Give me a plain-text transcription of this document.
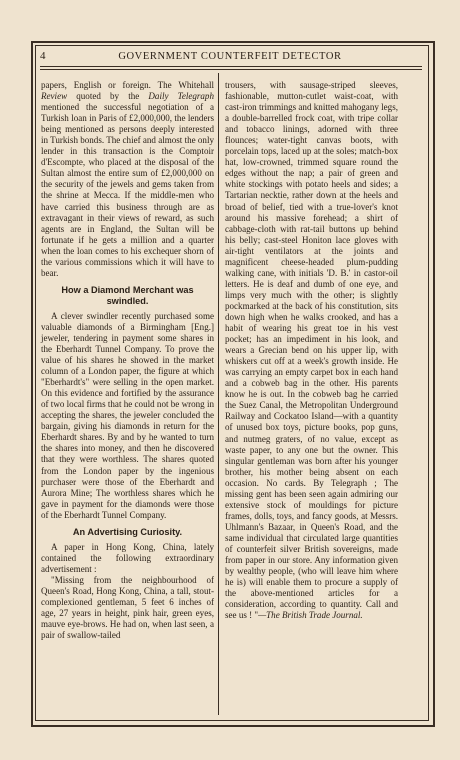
4	GOVERNMENT COUNTERFEIT DETECTOR

papers, English or foreign. The Whitehall Review quoted by the Daily Telegraph mentioned the successful negotiation of a Turkish loan in Paris of £2,000,000, the lenders being mentioned as persons deeply interested in Turkish bonds. The chief and almost the only lender in this transaction is the Comptoir d'Escompte, who placed at the disposal of the Sultan almost the entire sum of £2,000,000 on the security of the jewels and gems taken from the shrine at Mecca. If the middle-men who have carried this business through are as extravagant in their views of reward, as such agents are in England, the Sultan will be fortunate if he gets a million and a quarter when the loan comes to his exchequer shorn of the various commissions which it will have to bear.

How a Diamond Merchant was swindled.

A clever swindler recently purchased some valuable diamonds of a Birmingham [Eng.] jeweler, tendering in payment some shares in the Eberhardt Tunnel Company. To prove the value of his shares he showed in the market column of a London paper, the figure at which "Eberhardt's" were selling in the open market. On this evidence and fortified by the assurance of two local firms that he could not be wrong in accepting the shares, the jeweler concluded the bargain, giving his diamonds in return for the Eberhardt shares. By and by he wanted to turn the shares into money, and then he discovered that they were worthless. The shares quoted from the London paper by the ingenious purchaser were those of the Eberhardt and Aurora Mine; The worthless shares which he gave in payment for the diamonds were those of the Eberhardt Tunnel Company.

An Advertising Curiosity.

A paper in Hong Kong, China, lately contained the following extraordinary advertisement :

"Missing from the neighbourhood of Queen's Road, Hong Kong, China, a tall, stout-complexioned gentleman, 5 feet 6 inches of age, 27 years in height, pink hair, green eyes, mauve eye-brows. He had on, when last seen, a pair of swallow-tailed

trousers, with sausage-striped sleeves, fashionable, mutton-cutlet waist-coat, with cast-iron trimmings and knitted mahogany legs, a double-barrelled frock coat, with tripe collar and tobacco linings, adorned with three flounces; water-tight canvas boots, with porcelain tops, laced up at the soles; match-box hat, low-crowned, trimmed square round the edges without the nap; a pair of green and white stockings with potato heels and sides; a Tartarian necktie, rather down at the heels and broad of belief, tied with a true-lover's knot around his massive forehead; a shirt of cabbage-cloth with rat-tail buttons up behind his belly; cast-steel Honiton lace gloves with air-tight ventilators at the joints and magnificent cheese-headed plum-pudding walking cane, with initials 'D. B.' in castor-oil letters. He is deaf and dumb of one eye, and limps very much with the other; is slightly pockmarked at the back of his constitution, sits down high when he walks crooked, and has a habit of wearing his great toe in his vest pocket; has an impediment in his look, and wears a Grecian bend on his upper lip, with whiskers cut off at a week's growth inside. He was carrying an empty carpet box in each hand and a cobweb bag in the other. His parents know he is out. In the cobweb bag he carried the Suez Canal, the Metropolitan Underground Railway and Cockatoo Island—with a quantity of unused box toys, picture books, pop guns, and nutmeg graters, of no value, except as waste paper, to any one but the owner. This singular gentleman was born after his younger brother, his mother being absent on each occasion. No cards. By Telegraph ; The missing gent has been seen again admiring our extensive stock of mouldings for picture frames, dolls, toys, and fancy goods, at Messrs. Uhlmann's Bazaar, in Queen's Road, and the same individual that circulated large quantities of counterfeit silver British sovereigns, made from paper in our store. Any information given by wealthy people, (who will leave him where he is) will enable them to procure a supply of the above-mentioned articles for a consideration, according to quantity. Call and see us ! "—The British Trade Journal.
